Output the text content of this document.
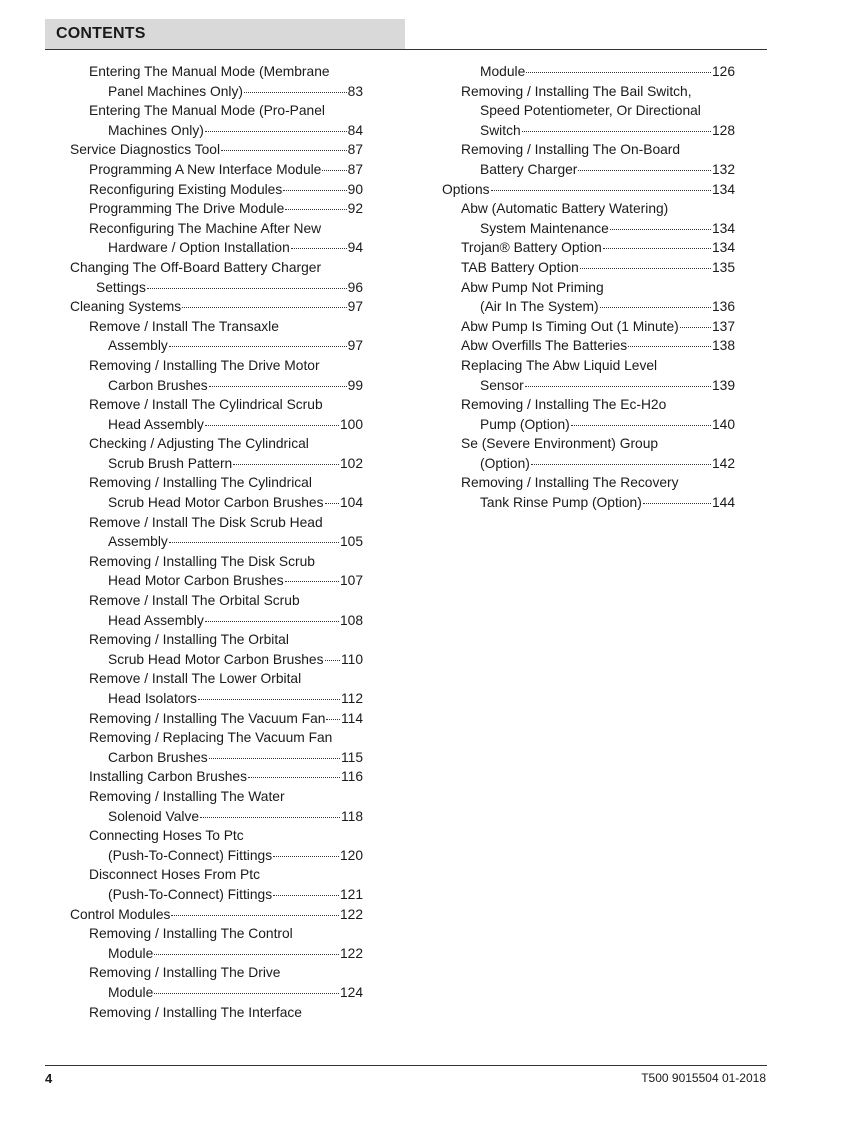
CONTENTS
Entering The Manual Mode (Membrane
Panel Machines Only)	83
Entering The Manual Mode (Pro-Panel
Machines Only)	84
Service Diagnostics Tool	87
Programming A New Interface Module 87
Reconfiguring Existing Modules	90
Programming The Drive Module	92
Reconfiguring The Machine After New
Hardware / Option Installation	94
Changing The Off-Board Battery Charger
Settings	96
Cleaning Systems	97
Remove / Install The Transaxle
Assembly	97
Removing / Installing The Drive Motor
Carbon Brushes	99
Remove / Install The Cylindrical Scrub
Head Assembly	100
Checking / Adjusting The Cylindrical
Scrub Brush Pattern	102
Removing / Installing The Cylindrical
Scrub Head Motor Carbon Brushes 104
Remove / Install The Disk Scrub Head
Assembly	105
Removing / Installing The Disk Scrub
Head Motor Carbon Brushes	107
Remove / Install The Orbital Scrub
Head Assembly	108
Removing / Installing The Orbital
Scrub Head Motor Carbon Brushes 110
Remove / Install The Lower Orbital
Head Isolators	112
Removing / Installing The Vacuum Fan 114
Removing / Replacing The Vacuum Fan
Carbon Brushes	115
Installing Carbon Brushes	116
Removing / Installing The Water
Solenoid Valve	118
Connecting Hoses To Ptc
(Push-To-Connect) Fittings	120
Disconnect Hoses From Ptc
(Push-To-Connect) Fittings	121
Control Modules	122
Removing / Installing The Control
Module	122
Removing / Installing The Drive
Module	124
Removing / Installing The Interface
Module	126
Removing / Installing The Bail Switch,
Speed Potentiometer, Or Directional
Switch	128
Removing / Installing The On-Board
Battery Charger	132
Options	134
Abw (Automatic Battery Watering)
System Maintenance	134
Trojan® Battery Option	134
TAB Battery Option	135
Abw Pump Not Priming
(Air In The System)	136
Abw Pump Is Timing Out (1 Minute) 137
Abw Overfills The Batteries	138
Replacing The Abw Liquid Level
Sensor	139
Removing / Installing The Ec-H2o
Pump (Option)	140
Se (Severe Environment) Group
(Option)	142
Removing / Installing The Recovery
Tank Rinse Pump (Option)	144
4	T500 9015504 01-2018
